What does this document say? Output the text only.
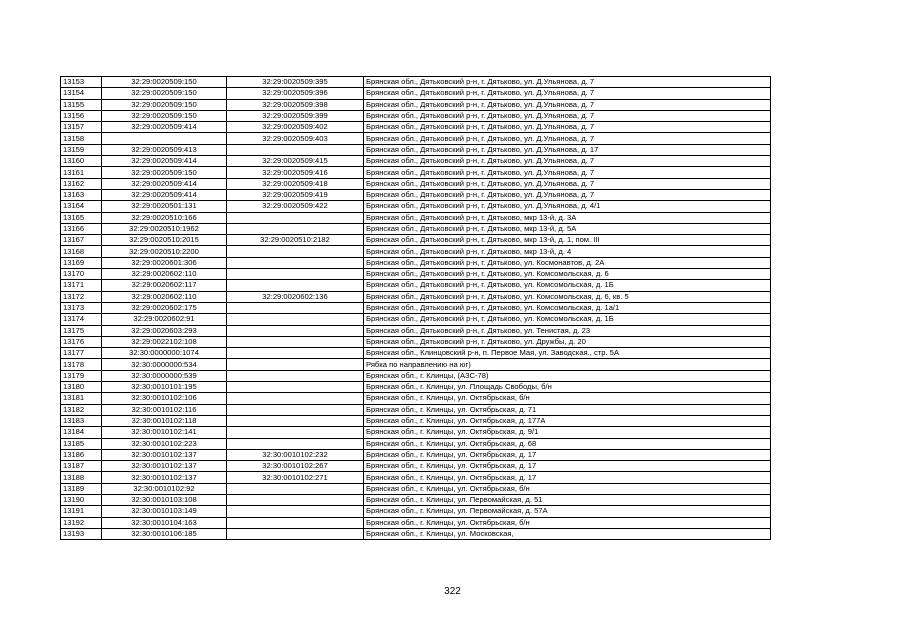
13153	32:29:0020509:150	32:29:0020509:395	Брянская обл., Дятьковский р-н, г. Дятьково, ул. Д.Ульянова, д. 7
13154	32:29:0020509:150	32:29:0020509:396	Брянская обл., Дятьковский р-н, г. Дятьково, ул. Д.Ульянова, д. 7
13155	32:29:0020509:150	32:29:0020509:398	Брянская обл., Дятьковский р-н, г. Дятьково, ул. Д.Ульянова, д. 7
13156	32:29:0020509:150	32:29:0020509:399	Брянская обл., Дятьковский р-н, г. Дятьково, ул. Д.Ульянова, д. 7
13157	32:29:0020509:414	32:29:0020509:402	Брянская обл., Дятьковский р-н, г. Дятьково, ул. Д.Ульянова, д. 7
13158		32:29:0020509:403	Брянская обл., Дятьковский р-н, г. Дятьково, ул. Д.Ульянова, д. 7
13159	32:29:0020509:413		Брянская обл., Дятьковский р-н, г. Дятьково, ул. Д.Ульянова, д. 17
13160	32:29:0020509:414	32:29:0020509:415	Брянская обл., Дятьковский р-н, г. Дятьково, ул. Д.Ульянова, д. 7
13161	32:29:0020509:150	32:29:0020509:416	Брянская обл., Дятьковский р-н, г. Дятьково, ул. Д.Ульянова, д. 7
13162	32:29:0020509:414	32:29:0020509:418	Брянская обл., Дятьковский р-н, г. Дятьково, ул. Д.Ульянова, д. 7
13163	32:29:0020509:414	32:29:0020509:419	Брянская обл., Дятьковский р-н, г. Дятьково, ул. Д.Ульянова, д. 7
13164	32:29:0020501:131	32:29:0020509:422	Брянская обл., Дятьковский р-н, г. Дятьково, ул. Д.Ульянова, д. 4/1
13165	32:29:0020510:166		Брянская обл., Дятьковский р-н, г. Дятьково, мкр 13-й, д. 3А
13166	32:29:0020510:1962		Брянская обл., Дятьковский р-н, г. Дятьково, мкр 13-й, д. 5А
13167	32:29:0020510:2015	32:29:0020510:2182	Брянская обл., Дятьковский р-н, г. Дятьково, мкр 13-й, д. 1, пом. III
13168	32:29:0020510:2200		Брянская обл., Дятьковский р-н, г. Дятьково, мкр 13-й, д. 4
13169	32:29:0020601:306		Брянская обл., Дятьковский р-н, г. Дятьково, ул. Космонавтов, д. 2А
13170	32:29:0020602:110		Брянская обл., Дятьковский р-н, г. Дятьково, ул. Комсомольская, д. 6
13171	32:29:0020602:117		Брянская обл., Дятьковский р-н, г. Дятьково, ул. Комсомольская, д. 1Б
13172	32:29:0020602:110	32:29:0020602:136	Брянская обл., Дятьковский р-н, г. Дятьково, ул. Комсомольская, д. 6, кв. 5
13173	32:29:0020602:175		Брянская обл., Дятьковский р-н, г. Дятьково, ул. Комсомольская, д. 1а/1
13174	32:29:0020602:91		Брянская обл., Дятьковский р-н, г. Дятьково, ул. Комсомольская, д. 1Б
13175	32:29:0020603:293		Брянская обл., Дятьковский р-н, г. Дятьково, ул. Тенистая, д. 23
13176	32:29:0022102:108		Брянская обл., Дятьковский р-н, г. Дятьково, ул. Дружбы, д. 20
13177	32:30:0000000:1074		Брянская обл., Клинцовский р-н, п. Первое Мая, ул. Заводская., стр. 5А
13178	32:30:0000000:534		Рябка по направлению на юг)
13179	32:30:0000000:539		Брянская обл., г. Клинцы, (АЗС-78)
13180	32:30:0010101:195		Брянская обл., г. Клинцы, ул. Площадь Свободы, б/н
13181	32:30:0010102:106		Брянская обл., г. Клинцы, ул. Октябрьская, б/н
13182	32:30:0010102:116		Брянская обл., г. Клинцы, ул. Октябрьская, д. 71
13183	32:30:0010102:118		Брянская обл., г. Клинцы, ул. Октябрьская, д. 177А
13184	32:30:0010102:141		Брянская обл., г. Клинцы, ул. Октябрьская, д. 9/1
13185	32:30:0010102:223		Брянская обл., г. Клинцы, ул. Октябрьская, д. 68
13186	32:30:0010102:137	32:30:0010102:232	Брянская обл., г. Клинцы, ул. Октябрьская, д. 17
13187	32:30:0010102:137	32:30:0010102:267	Брянская обл., г. Клинцы, ул. Октябрьская, д. 17
13188	32:30:0010102:137	32:30:0010102:271	Брянская обл., г. Клинцы, ул. Октябрьская, д. 17
13189	32:30:0010102:92		Брянская обл., г. Клинцы, ул. Октябрьская, б/н
13190	32:30:0010103:108		Брянская обл., г. Клинцы, ул. Первомайская, д. 51
13191	32:30:0010103:149		Брянская обл., г. Клинцы, ул. Первомайская, д. 57А
13192	32:30:0010104:163		Брянская обл., г. Клинцы, ул. Октябрьская, б/н
13193	32:30:0010106:185		Брянская обл., г. Клинцы, ул. Московская,
322
